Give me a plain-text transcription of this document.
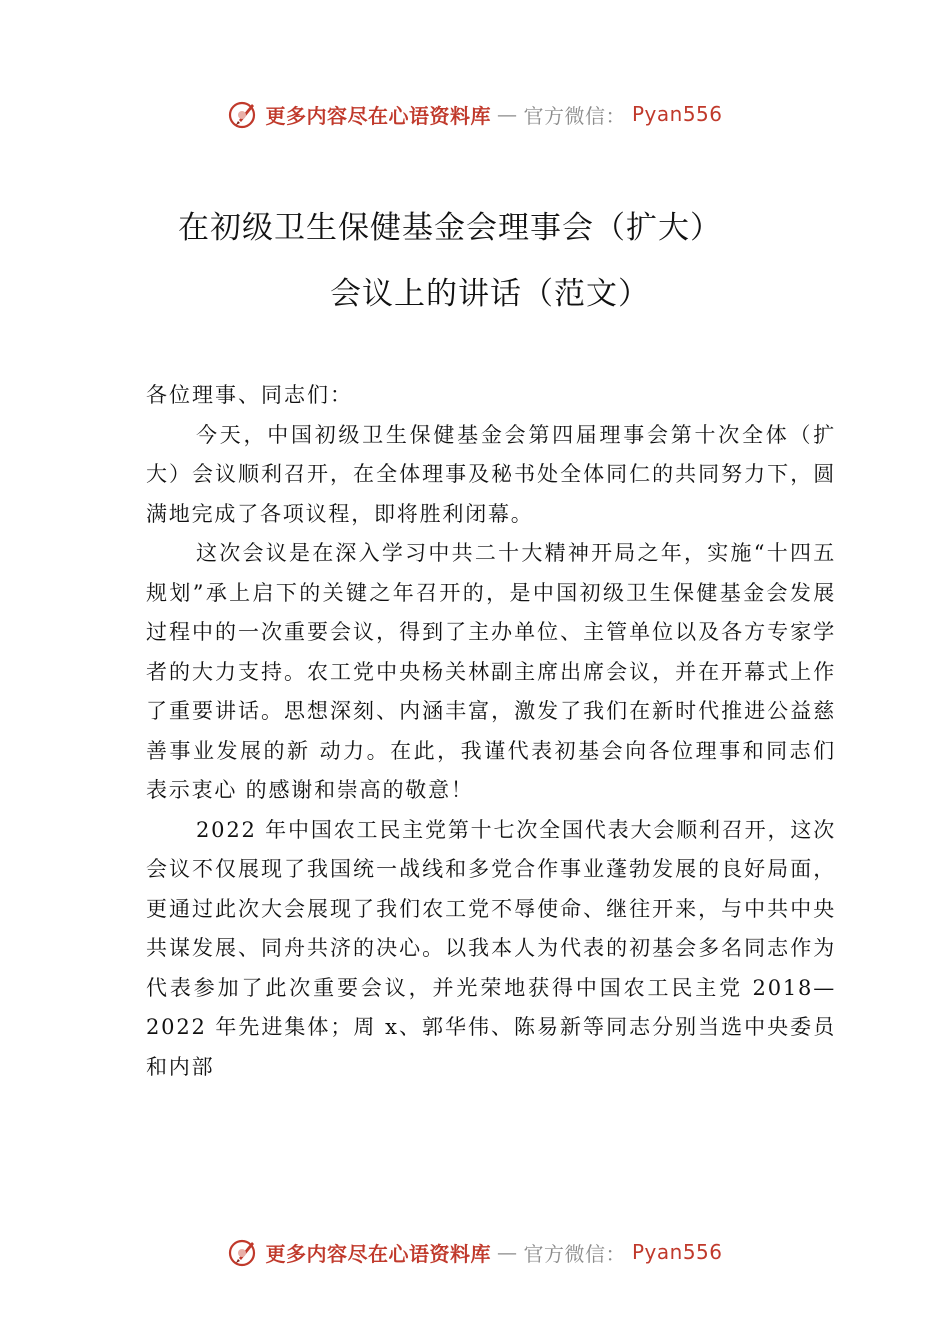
更多内容尽在心语资料库 — 官方微信： Pyan556
在初级卫生保健基金会理事会（扩大）
会议上的讲话（范文）

各位理事、同志们：

今天，中国初级卫生保健基金会第四届理事会第十次全体（扩大）会议顺利召开，在全体理事及秘书处全体同仁的共同努力下，圆满地完成了各项议程，即将胜利闭幕。

这次会议是在深入学习中共二十大精神开局之年，实施“十四五规划”承上启下的关键之年召开的，是中国初级卫生保健基金会发展过程中的一次重要会议，得到了主办单位、主管单位以及各方专家学者的大力支持。农工党中央杨关林副主席出席会议，并在开幕式上作了重要讲话。思想深刻、内涵丰富，激发了我们在新时代推进公益慈善事业发展的新 动力。在此，我谨代表初基会向各位理事和同志们表示衷心 的感谢和崇高的敬意！

2022 年中国农工民主党第十七次全国代表大会顺利召开，这次会议不仅展现了我国统一战线和多党合作事业蓬勃发展的良好局面，更通过此次大会展现了我们农工党不辱使命、继往开来，与中共中央共谋发展、同舟共济的决心。以我本人为代表的初基会多名同志作为代表参加了此次重要会议，并光荣地获得中国农工民主党 2018—2022 年先进集体；周 x、郭华伟、陈易新等同志分别当选中央委员和内部

更多内容尽在心语资料库 — 官方微信： Pyan556
